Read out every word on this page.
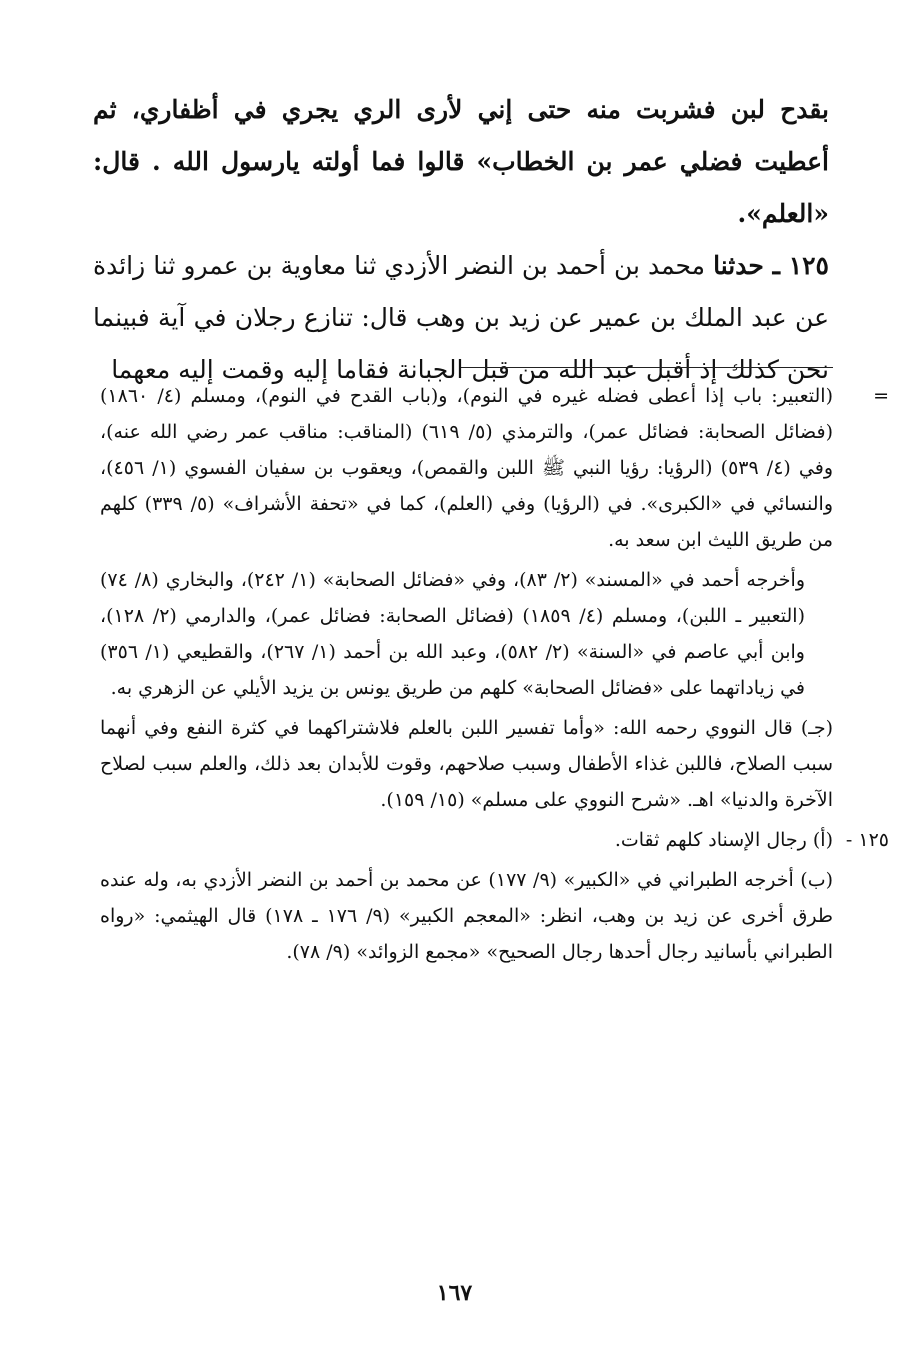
بقدح لبن فشربت منه حتى إني لأرى الري يجري في أظفاري، ثم أعطيت فضلي عمر بن الخطاب» قالوا فما أولته يارسول الله . قال: «العلم».

١٢٥ ـ حدثنا محمد بن أحمد بن النضر الأزدي ثنا معاوية بن عمرو ثنا زائدة عن عبد الملك بن عمير عن زيد بن وهب قال: تنازع رجلان في آية فبينما نحن كذلك إذ أقبل عبد الله من قبل الجبانة فقاما إليه وقمت إليه معهما

=

(التعبير: باب إذا أعطى فضله غيره في النوم)، و(باب القدح في النوم)، ومسلم (٤/ ١٨٦٠) (فضائل الصحابة: فضائل عمر)، والترمذي (٥/ ٦١٩) (المناقب: مناقب عمر رضي الله عنه)، وفي (٤/ ٥٣٩) (الرؤيا: رؤيا النبي ﷺ اللبن والقمص)، ويعقوب بن سفيان الفسوي (١/ ٤٥٦)، والنسائي في «الكبرى». في (الرؤيا) وفي (العلم)، كما في «تحفة الأشراف» (٥/ ٣٣٩) كلهم من طريق الليث ابن سعد به.

وأخرجه أحمد في «المسند» (٢/ ٨٣)، وفي «فضائل الصحابة» (١/ ٢٤٢)، والبخاري (٨/ ٧٤) (التعبير ـ اللبن)، ومسلم (٤/ ١٨٥٩) (فضائل الصحابة: فضائل عمر)، والدارمي (٢/ ١٢٨)، وابن أبي عاصم في «السنة» (٢/ ٥٨٢)، وعبد الله بن أحمد (١/ ٢٦٧)، والقطيعي (١/ ٣٥٦) في زياداتهما على «فضائل الصحابة» كلهم من طريق يونس بن يزيد الأيلي عن الزهري به.

(جـ) قال النووي رحمه الله: «وأما تفسير اللبن بالعلم فلاشتراكهما في كثرة النفع وفي أنهما سبب الصلاح، فاللبن غذاء الأطفال وسبب صلاحهم، وقوت للأبدان بعد ذلك، والعلم سبب لصلاح الآخرة والدنيا» اهـ. «شرح النووي على مسلم» (١٥/ ١٥٩).

١٢٥ -

(أ) رجال الإسناد كلهم ثقات.

(ب) أخرجه الطبراني في «الكبير» (٩/ ١٧٧) عن محمد بن أحمد بن النضر الأزدي به، وله عنده طرق أخرى عن زيد بن وهب، انظر: «المعجم الكبير» (٩/ ١٧٦ ـ ١٧٨) قال الهيثمي: «رواه الطبراني بأسانيد رجال أحدها رجال الصحيح» «مجمع الزوائد» (٩/ ٧٨).

١٦٧
